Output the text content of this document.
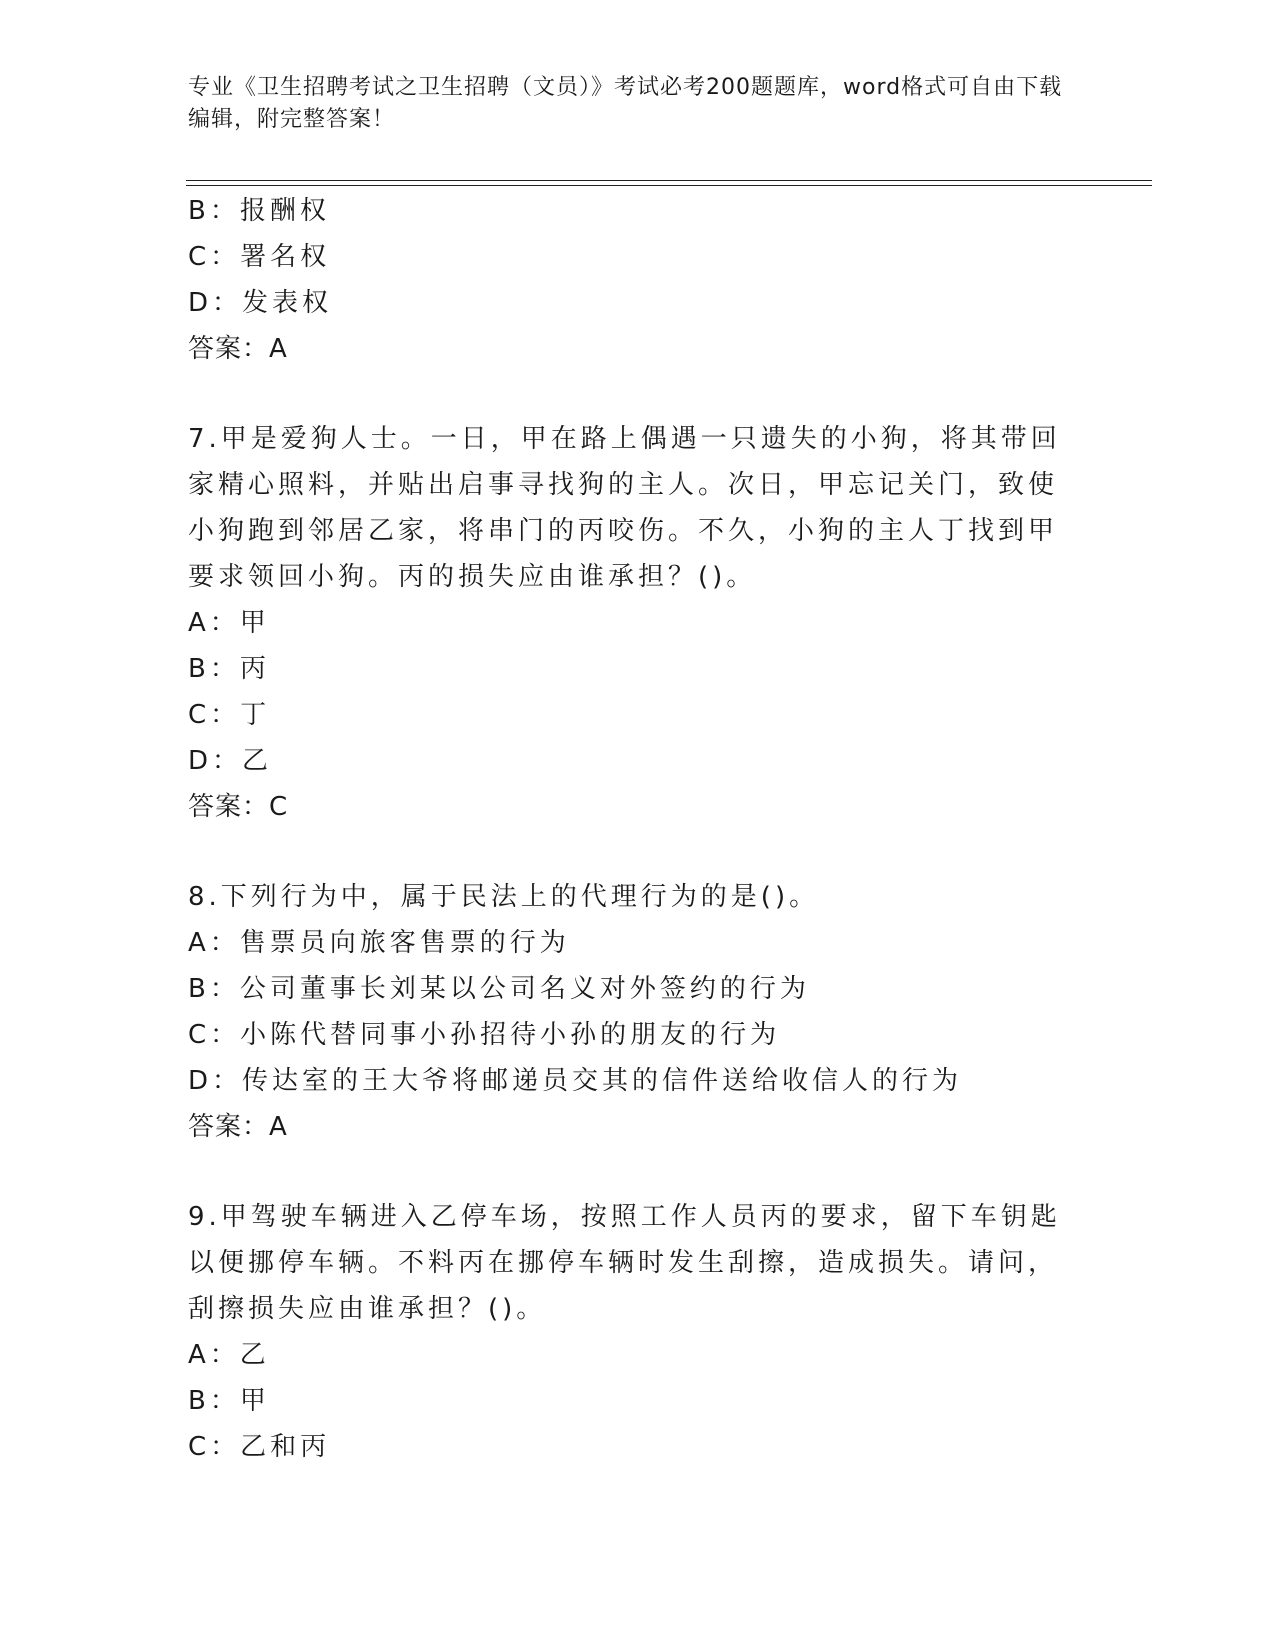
专业《卫生招聘考试之卫生招聘（文员）》考试必考200题题库，word格式可自由下载编辑，附完整答案！
B：报酬权
C：署名权
D：发表权
答案：A
7.甲是爱狗人士。一日，甲在路上偶遇一只遗失的小狗，将其带回家精心照料，并贴出启事寻找狗的主人。次日，甲忘记关门，致使小狗跑到邻居乙家，将串门的丙咬伤。不久，小狗的主人丁找到甲要求领回小狗。丙的损失应由谁承担？()。
A：甲
B：丙
C：丁
D：乙
答案：C
8.下列行为中，属于民法上的代理行为的是()。
A：售票员向旅客售票的行为
B：公司董事长刘某以公司名义对外签约的行为
C：小陈代替同事小孙招待小孙的朋友的行为
D：传达室的王大爷将邮递员交其的信件送给收信人的行为
答案：A
9.甲驾驶车辆进入乙停车场，按照工作人员丙的要求，留下车钥匙以便挪停车辆。不料丙在挪停车辆时发生刮擦，造成损失。请问，刮擦损失应由谁承担？()。
A：乙
B：甲
C：乙和丙
